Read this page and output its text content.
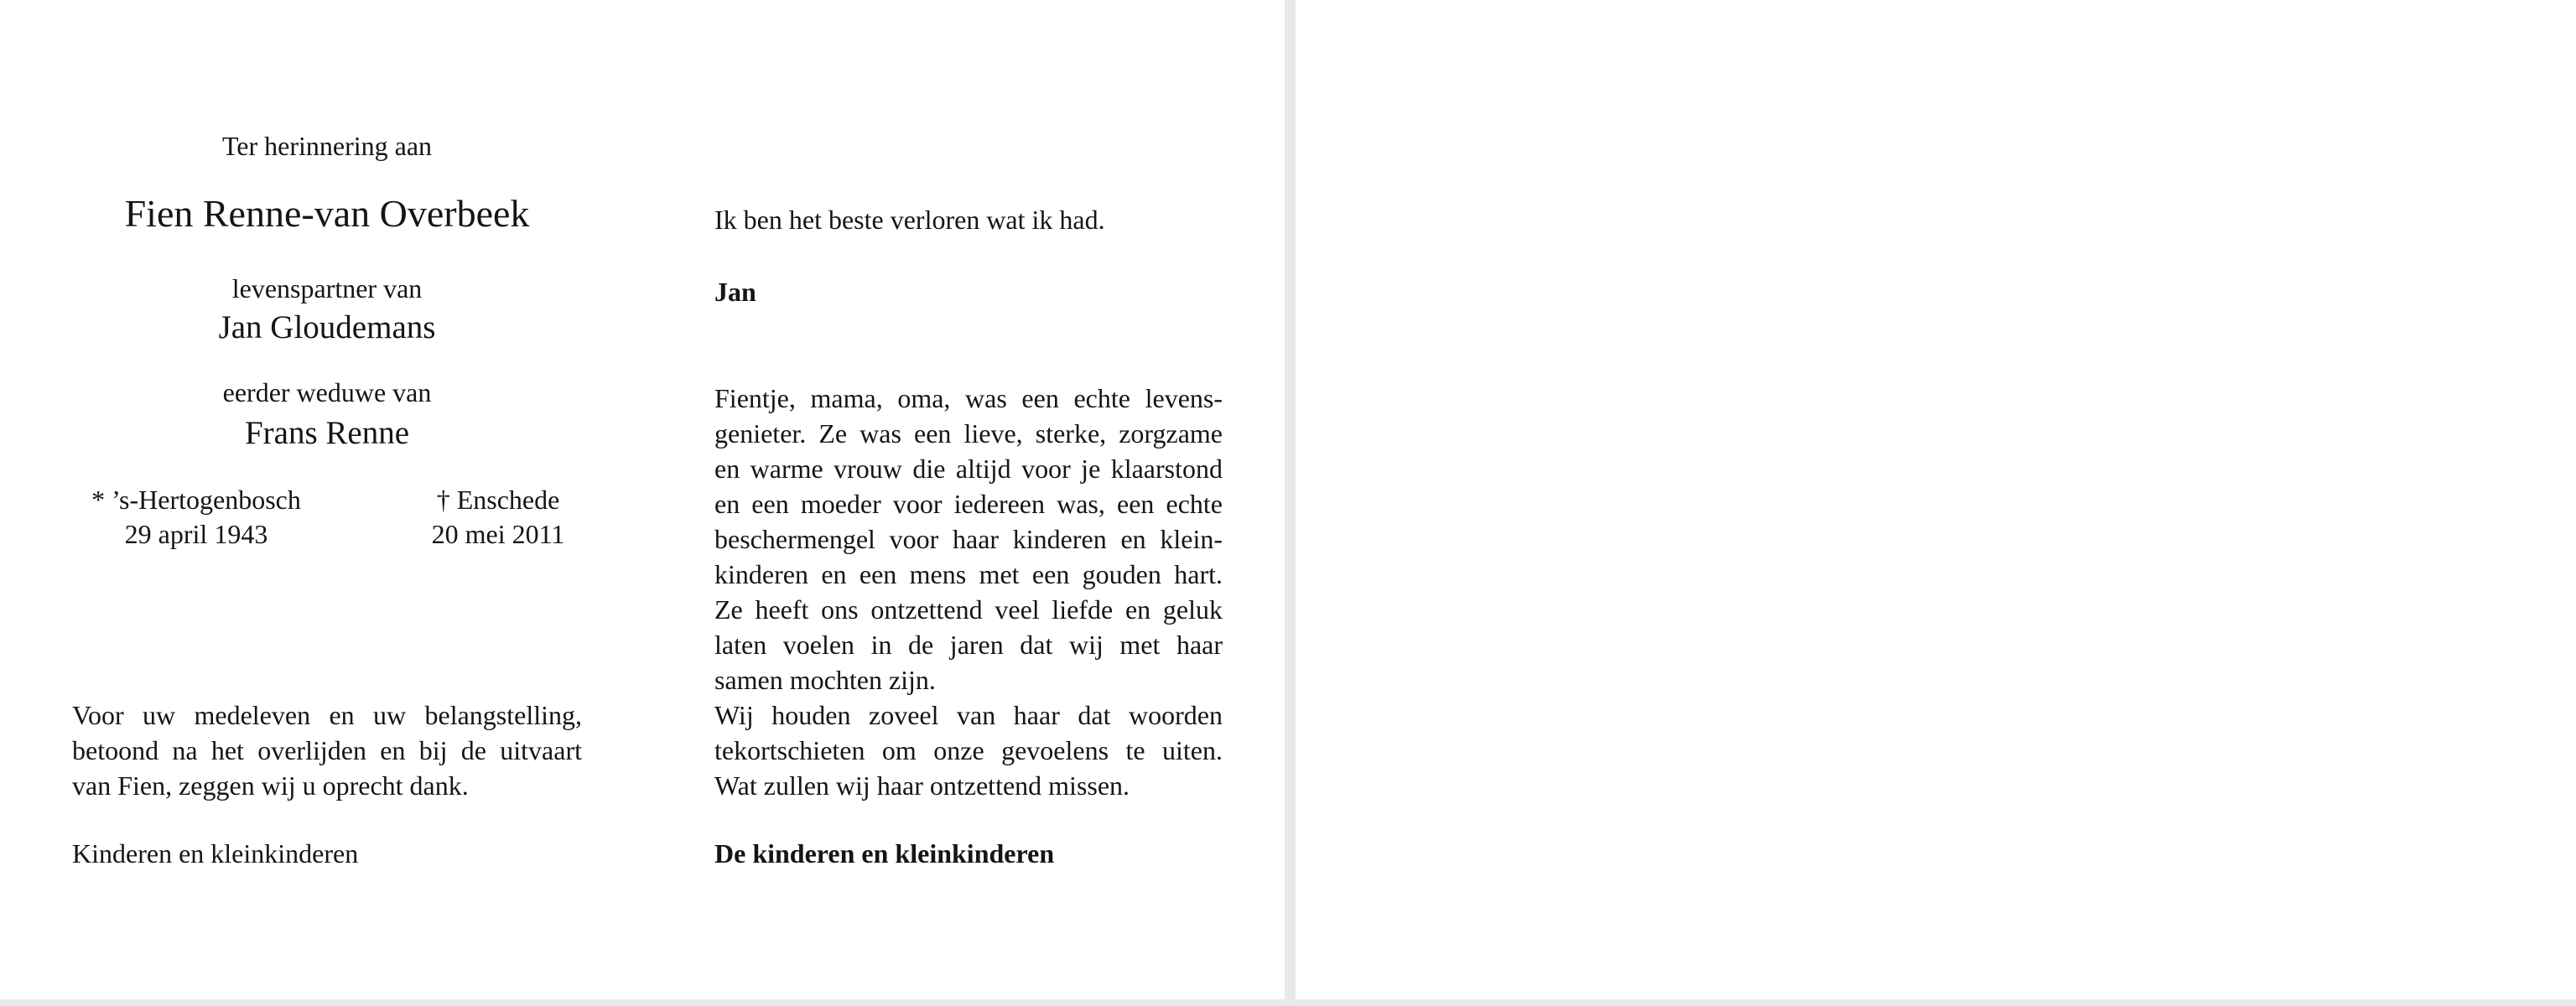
Ter herinnering aan
Fien Renne-van Overbeek
levenspartner van
Jan Gloudemans
eerder weduwe van
Frans Renne
* ’s-Hertogenbosch
29 april 1943
† Enschede
20 mei 2011
Voor uw medeleven en uw belangstelling,
betoond na het overlijden en bij de uitvaart
van Fien, zeggen wij u oprecht dank.
Kinderen en kleinkinderen
Ik ben het beste verloren wat ik had.
Jan
Fientje, mama, oma, was een echte levens-
genieter. Ze was een lieve, sterke, zorgzame
en warme vrouw die altijd voor je klaarstond
en een moeder voor iedereen was, een echte
beschermengel voor haar kinderen en klein-
kinderen en een mens met een gouden hart.
Ze heeft ons ontzettend veel liefde en geluk
laten voelen in de jaren dat wij met haar
samen mochten zijn.
Wij houden zoveel van haar dat woorden
tekortschieten om onze gevoelens te uiten.
Wat zullen wij haar ontzettend missen.
De kinderen en kleinkinderen
